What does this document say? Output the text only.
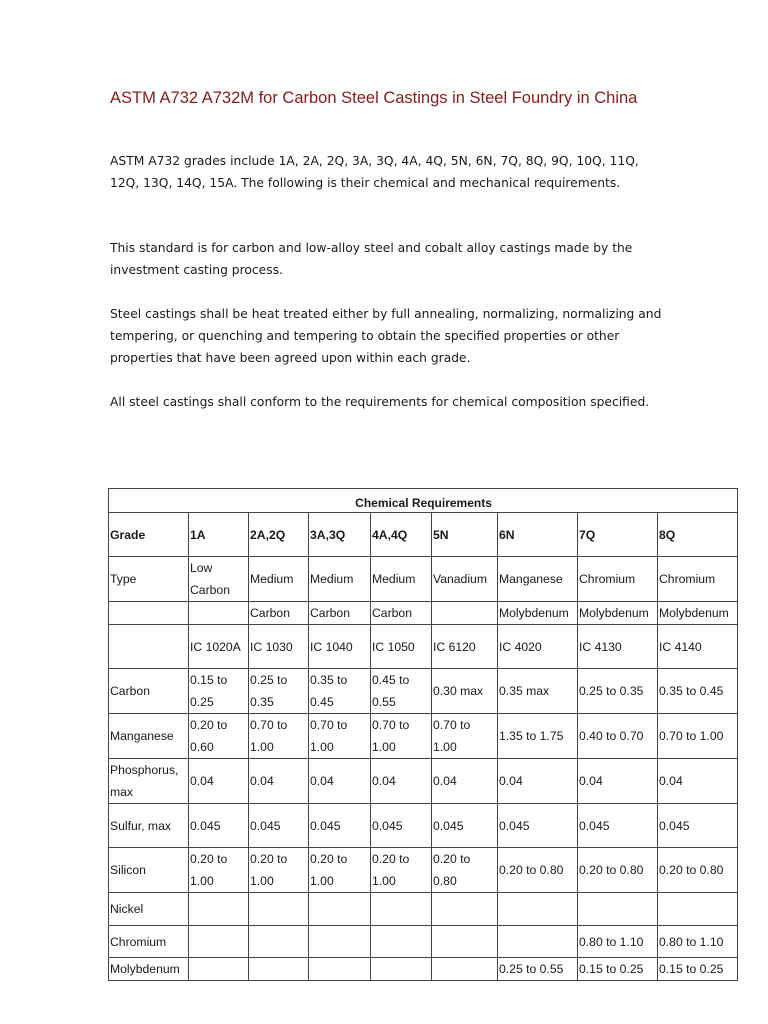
ASTM A732 A732M for Carbon Steel Castings in Steel Foundry in China

ASTM A732 grades include 1A, 2A, 2Q, 3A, 3Q, 4A, 4Q, 5N, 6N, 7Q, 8Q, 9Q, 10Q, 11Q, 12Q, 13Q, 14Q, 15A. The following is their chemical and mechanical requirements.

This standard is for carbon and low-alloy steel and cobalt alloy castings made by the investment casting process.

Steel castings shall be heat treated either by full annealing, normalizing, normalizing and tempering, or quenching and tempering to obtain the specified properties or other properties that have been agreed upon within each grade.

All steel castings shall conform to the requirements for chemical composition specified.

Chemical Requirements								
Grade	1A	2A,2Q	3A,3Q	4A,4Q	5N	6N	7Q	8Q
Type	Low Carbon	Medium	Medium	Medium	Vanadium	Manganese	Chromium	Chromium
		Carbon	Carbon	Carbon		Molybdenum	Molybdenum	Molybdenum
	IC 1020A	IC 1030	IC 1040	IC 1050	IC 6120	IC 4020	IC 4130	IC 4140
Carbon	0.15 to 0.25	0.25 to 0.35	0.35 to 0.45	0.45 to 0.55	0.30 max	0.35 max	0.25 to 0.35	0.35 to 0.45
Manganese	0.20 to 0.60	0.70 to 1.00	0.70 to 1.00	0.70 to 1.00	0.70 to 1.00	1.35 to 1.75	0.40 to 0.70	0.70 to 1.00
Phosphorus, max	0.04	0.04	0.04	0.04	0.04	0.04	0.04	0.04
Sulfur, max	0.045	0.045	0.045	0.045	0.045	0.045	0.045	0.045
Silicon	0.20 to 1.00	0.20 to 1.00	0.20 to 1.00	0.20 to 1.00	0.20 to 0.80	0.20 to 0.80	0.20 to 0.80	0.20 to 0.80
Nickel								
Chromium							0.80 to 1.10	0.80 to 1.10
Molybdenum						0.25 to 0.55	0.15 to 0.25	0.15 to 0.25
